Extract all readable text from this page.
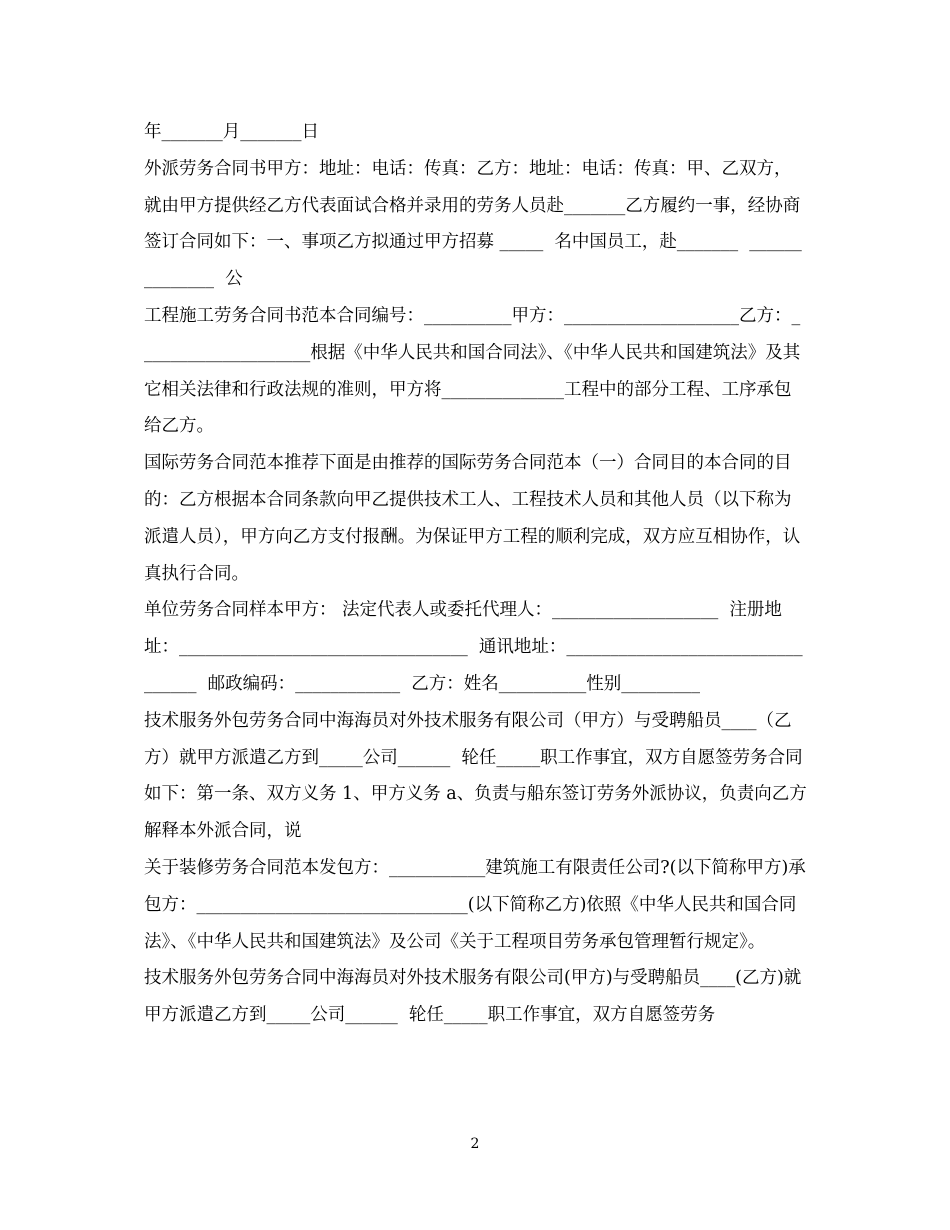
年_______月_______日

外派劳务合同书甲方：地址：电话：传真：乙方：地址：电话：传真：甲、乙双方，就由甲方提供经乙方代表面试合格并录用的劳务人员赴_______乙方履约一事，经协商签订合同如下：一、事项乙方拟通过甲方招募 _____  名中国员工，赴_______  ______________  公

工程施工劳务合同书范本合同编号：__________甲方：____________________乙方：____________________根据《中华人民共和国合同法》、《中华人民共和国建筑法》及其它相关法律和行政法规的准则，甲方将______________工程中的部分工程、工序承包给乙方。

国际劳务合同范本推荐下面是由推荐的国际劳务合同范本（一）合同目的本合同的目的：乙方根据本合同条款向甲乙提供技术工人、工程技术人员和其他人员（以下称为派遣人员），甲方向乙方支付报酬。为保证甲方工程的顺利完成，双方应互相协作，认真执行合同。

单位劳务合同样本甲方： 法定代表人或委托代理人：___________________  注册地址：_________________________________  通讯地址：_________________________________  邮政编码：____________  乙方：姓名__________性别_________

技术服务外包劳务合同中海海员对外技术服务有限公司（甲方）与受聘船员____（乙方）就甲方派遣乙方到_____公司______  轮任_____职工作事宜，双方自愿签劳务合同如下：第一条、双方义务 1、甲方义务 a、负责与船东签订劳务外派协议，负责向乙方解释本外派合同，说

关于装修劳务合同范本发包方：___________建筑施工有限责任公司?(以下简称甲方)承包方：_______________________________(以下简称乙方)依照《中华人民共和国合同法》、《中华人民共和国建筑法》及公司《关于工程项目劳务承包管理暂行规定》。

技术服务外包劳务合同中海海员对外技术服务有限公司(甲方)与受聘船员____(乙方)就甲方派遣乙方到_____公司______  轮任_____职工作事宜，双方自愿签劳务

2
